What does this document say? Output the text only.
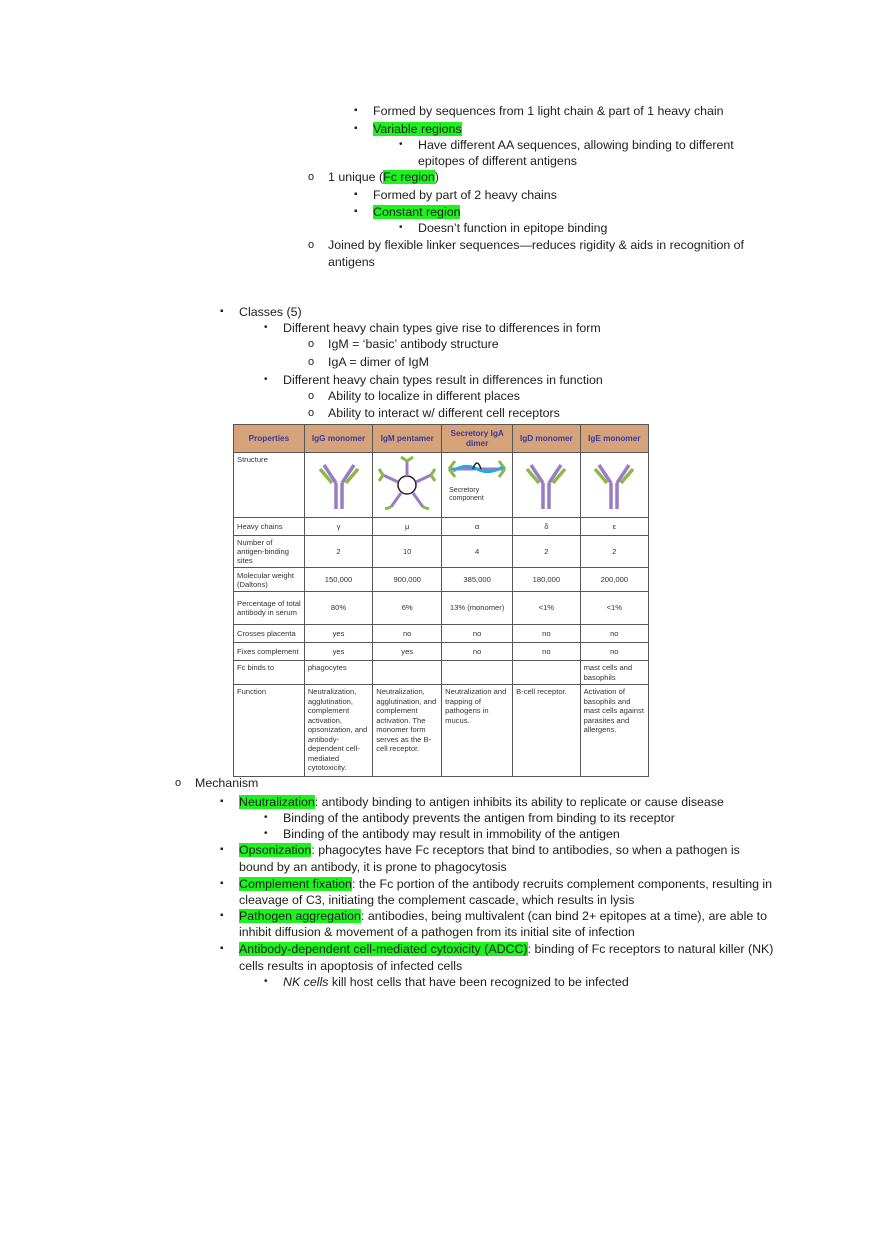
▪ Formed by sequences from 1 light chain & part of 1 heavy chain
▪ Variable regions
• Have different AA sequences, allowing binding to different
epitopes of different antigens
o 1 unique (Fc region)
▪ Formed by part of 2 heavy chains
▪ Constant region
• Doesn’t function in epitope binding
o Joined by flexible linker sequences—reduces rigidity & aids in recognition of
antigens
▪ Classes (5)
• Different heavy chain types give rise to differences in form
o IgM = ‘basic’ antibody structure
o IgA = dimer of IgM
• Different heavy chain types result in differences in function
o Ability to localize in different places
o Ability to interact w/ different cell receptors
Properties	IgG monomer	IgM pentamer	Secretory IgA dimer	IgD monomer	IgE monomer
Structure			Secretory component

Heavy chains	γ	μ	α	δ	ε
Number of antigen-binding sites	2	10	4	2	2
Molecular weight (Daltons)	150,000	900,000	385,000	180,000	200,000
Percentage of total antibody in serum	80%	6%	13% (monomer)	<1%	<1%
Crosses placenta	yes	no	no	no	no
Fixes complement	yes	yes	no	no	no
Fc binds to	phagocytes				mast cells and basophils
Function	Neutralization, agglutination, complement activation, opsonization, and antibody-dependent cell-mediated cytotoxicity.	Neutralization, agglutination, and complement activation. The monomer form serves as the B-cell receptor.	Neutralization and trapping of pathogens in mucus.	B-cell receptor.	Activation of basophils and mast cells against parasites and allergens.
o Mechanism
▪ Neutralization: antibody binding to antigen inhibits its ability to replicate or cause disease
• Binding of the antibody prevents the antigen from binding to its receptor
• Binding of the antibody may result in immobility of the antigen
▪ Opsonization: phagocytes have Fc receptors that bind to antibodies, so when a pathogen is
bound by an antibody, it is prone to phagocytosis
▪ Complement fixation: the Fc portion of the antibody recruits complement components, resulting in
cleavage of C3, initiating the complement cascade, which results in lysis
▪ Pathogen aggregation: antibodies, being multivalent (can bind 2+ epitopes at a time), are able to
inhibit diffusion & movement of a pathogen from its initial site of infection
▪ Antibody-dependent cell-mediated cytoxicity (ADCC): binding of Fc receptors to natural killer (NK)
cells results in apoptosis of infected cells
• NK cells kill host cells that have been recognized to be infected
